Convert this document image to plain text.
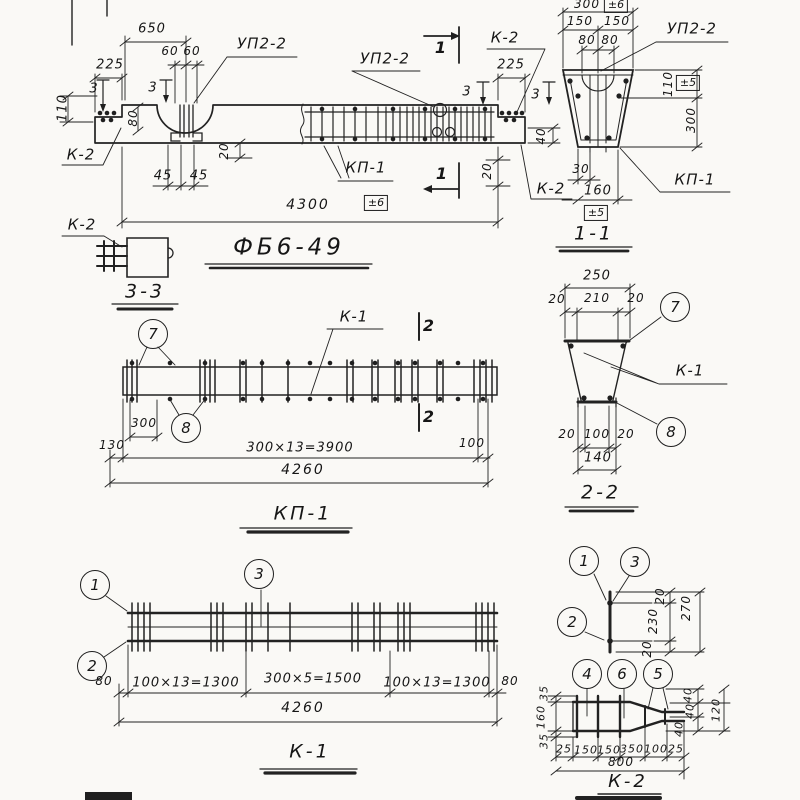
650
УП2-2
60 60
225
3	3
110	80
К-2	20
45 45
УП2-2
1
К-2
225
3	3
40
20
К-2
КП-1	1
4300	±6
ФБ6-49
К-2
3-3
300 ±6
150 150
80 80
УП2-2
110 ±5
300
30
160
±5
1-1
КП-1
7
8
К-1	2
2
300
130	300×13=3900	100
4260
КП-1
250
20 210 20	7
К-1
8
20 100 20
140
2-2
1
2
3
80 100×13=1300 300×5=1500 100×13=1300 80
4260
К-1
1	3
2
20
230
20
270
4	6	5
35
160
35 25 150 150 350 100 25
800
К-2
40
40
40
120
